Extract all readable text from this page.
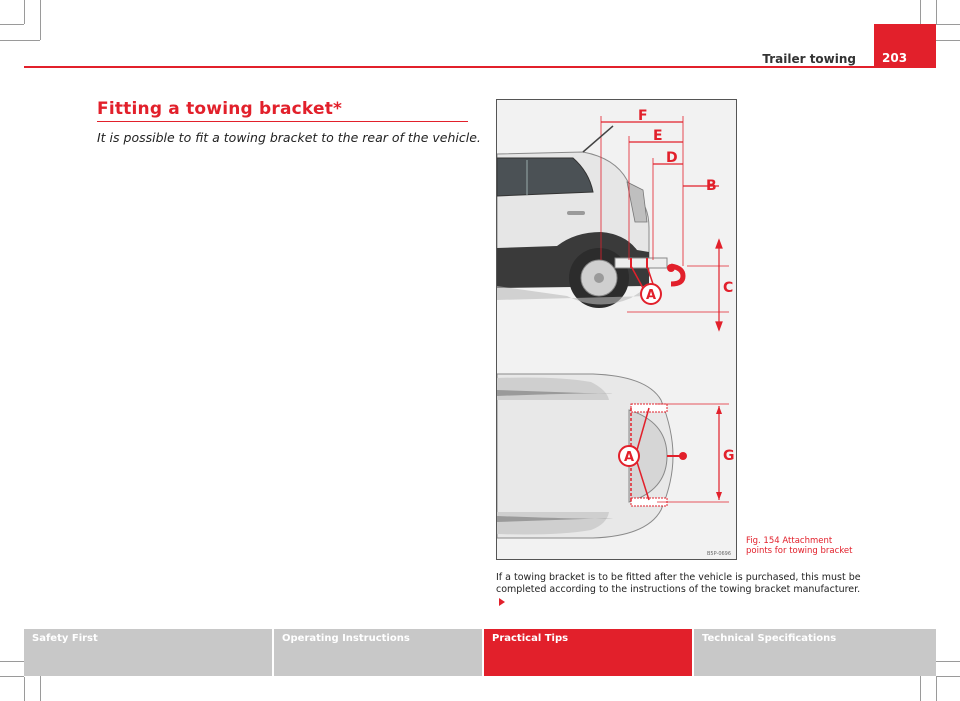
Trailer towing	203
Fitting a towing bracket*
It is possible to fit a towing bracket to the rear of the vehicle.
F
E
D
B
C
G
A
A
B5P-0696
Fig. 154 Attachment
points for towing bracket
If a towing bracket is to be fitted after the vehicle is purchased, this must be
completed according to the instructions of the towing bracket manufacturer.
Safety First	Operating Instructions	Practical Tips	Technical Specifications
